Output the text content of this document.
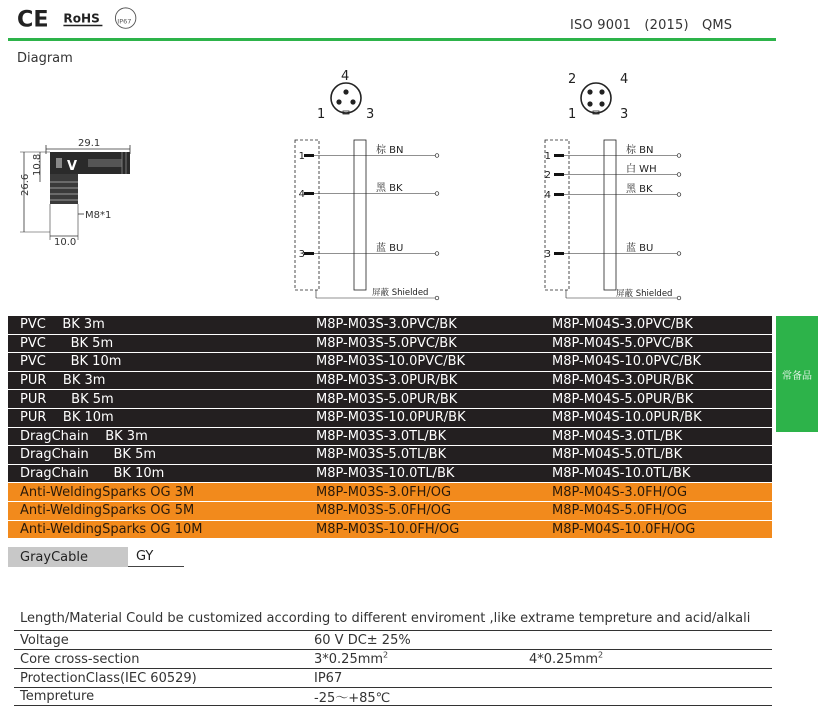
CE RoHS IP67	ISO 9001　(2015)　QMS
Diagram
29.1
V
26.6
10.8
M8*1
10.0
4
1	3
2	4
1	3
1
4
3
棕 BN
黑 BK
蓝 BU
屏蔽 Shielded
1
2
4
3
棕 BN
白 WH
黑 BK
蓝 BU
屏蔽 Shielded
PVC    BK 3m	M8P-M03S-3.0PVC/BK	M8P-M04S-3.0PVC/BK
PVC      BK 5m	M8P-M03S-5.0PVC/BK	M8P-M04S-5.0PVC/BK
PVC      BK 10m	M8P-M03S-10.0PVC/BK	M8P-M04S-10.0PVC/BK
PUR    BK 3m	M8P-M03S-3.0PUR/BK	M8P-M04S-3.0PUR/BK
PUR      BK 5m	M8P-M03S-5.0PUR/BK	M8P-M04S-5.0PUR/BK
PUR    BK 10m	M8P-M03S-10.0PUR/BK	M8P-M04S-10.0PUR/BK
DragChain    BK 3m	M8P-M03S-3.0TL/BK	M8P-M04S-3.0TL/BK
DragChain      BK 5m	M8P-M03S-5.0TL/BK	M8P-M04S-5.0TL/BK
DragChain      BK 10m	M8P-M03S-10.0TL/BK	M8P-M04S-10.0TL/BK
Anti-WeldingSparks OG 3M	M8P-M03S-3.0FH/OG	M8P-M04S-3.0FH/OG
Anti-WeldingSparks OG 5M	M8P-M03S-5.0FH/OG	M8P-M04S-5.0FH/OG
Anti-WeldingSparks OG 10M	M8P-M03S-10.0FH/OG	M8P-M04S-10.0FH/OG
常备品
GrayCable	GY
Length/Material Could be customized according to different enviroment ,like extrame tempreture and acid/alkali
Voltage	60 V DC± 25%
Core cross-section	$3*0.25mm^2$	$4*0.25mm^2$
ProtectionClass(IEC 60529)	IP67
Tempreture	-25～+85℃
